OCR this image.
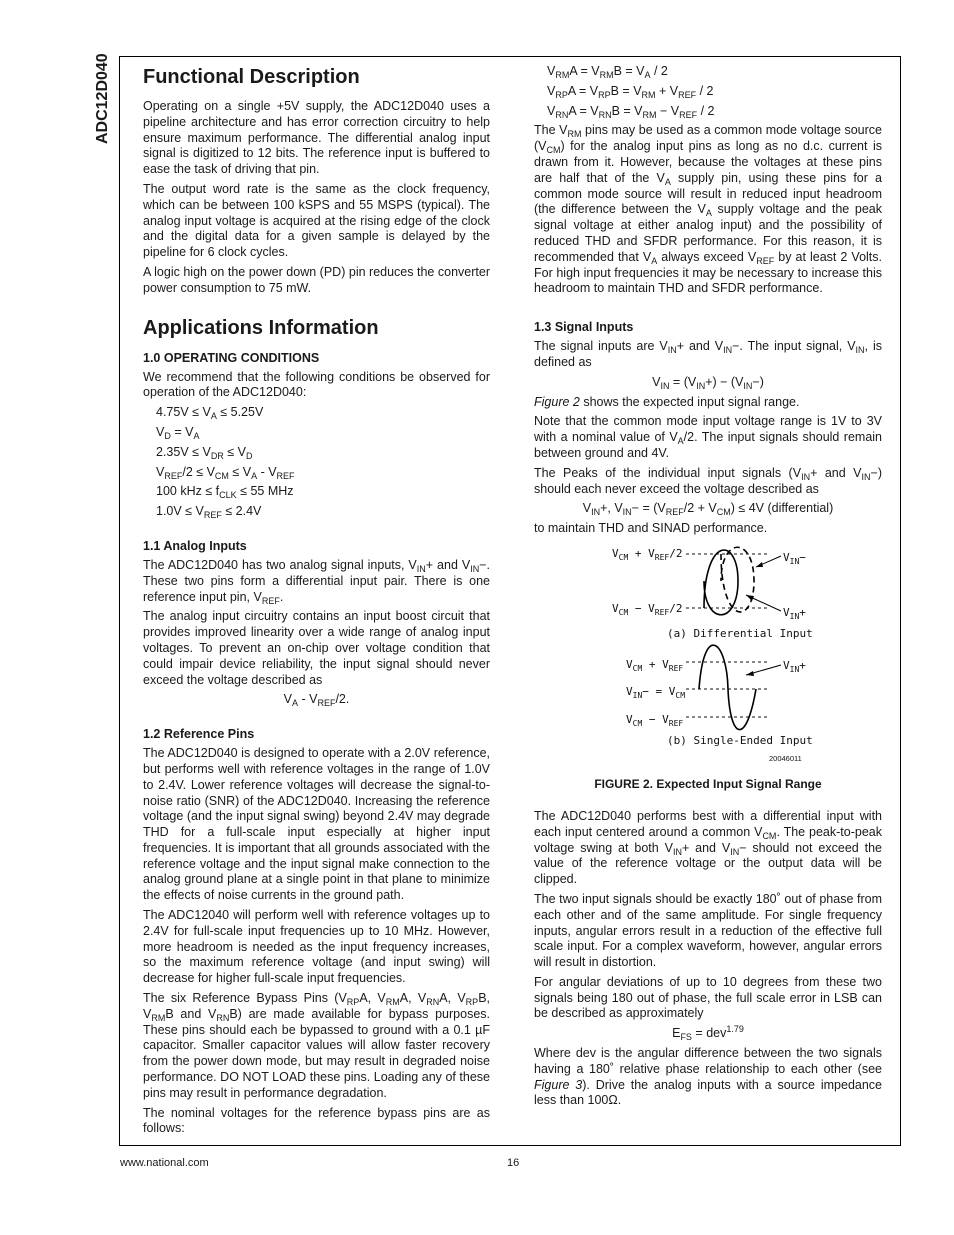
ADC12D040 Functional Description

Operating on a single +5V supply, the ADC12D040 uses a pipeline architecture and has error correction circuitry to help ensure maximum performance. The differential analog input signal is digitized to 12 bits. The reference input is buffered to ease the task of driving that pin.

The output word rate is the same as the clock frequency, which can be between 100 kSPS and 55 MSPS (typical). The analog input voltage is acquired at the rising edge of the clock and the digital data for a given sample is delayed by the pipeline for 6 clock cycles.

A logic high on the power down (PD) pin reduces the converter power consumption to 75 mW.

Applications Information
1.0 OPERATING CONDITIONS

We recommend that the following conditions be observed for operation of the ADC12D040:

$4.75V \le V_A \le 5.25V$

$V_D = V_A$

$2.35V \le V_{DR} \le V_D$

$V_{REF}/2 \le V_{CM} \le V_A - V_{REF}$

100 kHz ≤ $f_{CLK} \le 55$ MHz

$1.0V \le V_{REF} \le 2.4V$

1.1 Analog Inputs

The ADC12D040 has two analog signal inputs, $V_{IN}+$ and $V_{IN}-$. These two pins form a differential input pair. There is one reference input pin, $V_{REF}$.

The analog input circuitry contains an input boost circuit that provides improved linearity over a wide range of analog input voltages. To prevent an on-chip over voltage condition that could impair device reliability, the input signal should never exceed the voltage described as

$V_A - V_{REF}/2$.

1.2 Reference Pins

The ADC12D040 is designed to operate with a 2.0V reference, but performs well with reference voltages in the range of 1.0V to 2.4V. Lower reference voltages will decrease the signal-to-noise ratio (SNR) of the ADC12D040. Increasing the reference voltage (and the input signal swing) beyond 2.4V may degrade THD for a full-scale input especially at higher input frequencies. It is important that all grounds associated with the reference voltage and the input signal make connection to the analog ground plane at a single point in that plane to minimize the effects of noise currents in the ground path.

The ADC12040 will perform well with reference voltages up to 2.4V for full-scale input frequencies up to 10 MHz. However, more headroom is needed as the input frequency increases, so the maximum reference voltage (and input swing) will decrease for higher full-scale input frequencies.

The six Reference Bypass Pins ($V_{RP}A$, $V_{RM}A$, $V_{RN}A$, $V_{RP}B$, $V_{RM}B$ and $V_{RN}B$) are made available for bypass purposes. These pins should each be bypassed to ground with a 0.1 µF capacitor. Smaller capacitor values will allow faster recovery from the power down mode, but may result in degraded noise performance. DO NOT LOAD these pins. Loading any of these pins may result in performance degradation.

The nominal voltages for the reference bypass pins are as follows:

$V_{RM}A = V_{RM}B = V_A / 2$

$V_{RP}A = V_{RP}B = V_{RM} + V_{REF} / 2$

$V_{RN}A = V_{RN}B = V_{RM} - V_{REF} / 2$

The $V_{RM}$ pins may be used as a common mode voltage source $(V_{CM})$ for the analog input pins as long as no d.c. current is drawn from it. However, because the voltages at these pins are half that of the $V_A$ supply pin, using these pins for a common mode source will result in reduced input headroom (the difference between the $V_A$ supply voltage and the peak signal voltage at either analog input) and the possibility of reduced THD and SFDR performance. For this reason, it is recommended that $V_A$ always exceed $V_{REF}$ by at least 2 Volts. For high input frequencies it may be necessary to increase this headroom to maintain THD and SFDR performance.

1.3 Signal Inputs

The signal inputs are $V_{IN}+$ and $V_{IN}-$. The input signal, $V_{IN}$, is defined as

$V_{IN} = (V_{IN}+) - (V_{IN}-)$

Figure 2 shows the expected input signal range.

Note that the common mode input voltage range is 1V to 3V with a nominal value of $V_A/2$. The input signals should remain between ground and 4V.

The Peaks of the individual input signals ($V_{IN}+$ and $V_{IN}-$) should each never exceed the voltage described as

$V_{IN}+$, $V_{IN}- = (V_{REF}/2 + V_{CM}) \le 4V$ (differential)

to maintain THD and SINAD performance.

$V_{CM} + V_{REF}/2$
$V_{CM} - V_{REF}/2$
$V_{IN}-$
$V_{IN}+$
(a) Differential Input
$V_{CM} + V_{REF}$
$V_{IN}- = V_{CM}$
$V_{CM} - V_{REF}$
$V_{IN}+$
(b) Single-Ended Input
20046011
FIGURE 2. Expected Input Signal Range

The ADC12D040 performs best with a differential input with each input centered around a common $V_{CM}$. The peak-to-peak voltage swing at both $V_{IN}+$ and $V_{IN}-$ should not exceed the value of the reference voltage or the output data will be clipped.

The two input signals should be exactly 180˚ out of phase from each other and of the same amplitude. For single frequency inputs, angular errors result in a reduction of the effective full scale input. For a complex waveform, however, angular errors will result in distortion.

For angular deviations of up to 10 degrees from these two signals being 180 out of phase, the full scale error in LSB can be described as approximately

$E_{FS} = dev^{1.79}$

Where dev is the angular difference between the two signals having a 180˚ relative phase relationship to each other (see Figure 3). Drive the analog inputs with a source impedance less than 100Ω.

www.national.com	16
